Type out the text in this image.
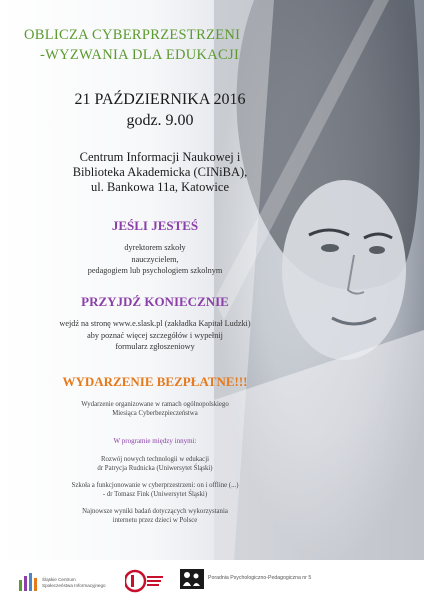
OBLICZA CYBERPRZESTRZENI
-WYZWANIA DLA EDUKACJI
21 PAŹDZIERNIKA 2016
godz. 9.00
Centrum Informacji Naukowej i
Biblioteka Akademicka (CINiBA),
ul. Bankowa 11a, Katowice
JEŚLI JESTEŚ
dyrektorem szkoły
nauczycielem,
pedagogiem lub psychologiem szkolnym
PRZYJDŹ KONIECZNIE
wejdź na stronę www.e.slask.pl (zakładka Kapitał Ludzki)
aby poznać więcej szczegółów i wypełnij
formularz zgłoszeniowy
WYDARZENIE BEZPŁATNE!!!
Wydarzenie organizowane w ramach ogólnopolskiego
Miesiąca Cyberbezpieczeństwa
W programie między innymi:
Rozwój nowych technologii w edukacji
dr Patrycja Rudnicka (Uniwersytet Śląski)
Szkoła a funkcjonowanie w cyberprzestrzeni: on i offline (...)
- dr Tomasz Fink (Uniwersytet Śląski)
Najnowsze wyniki badań dotyczących wykorzystania
internetu przez dzieci w Polsce
Śląskie Centrum
Społeczeństwa Informacyjnego
Poradnia Psychologiczno-Pedagogiczna nr 5
